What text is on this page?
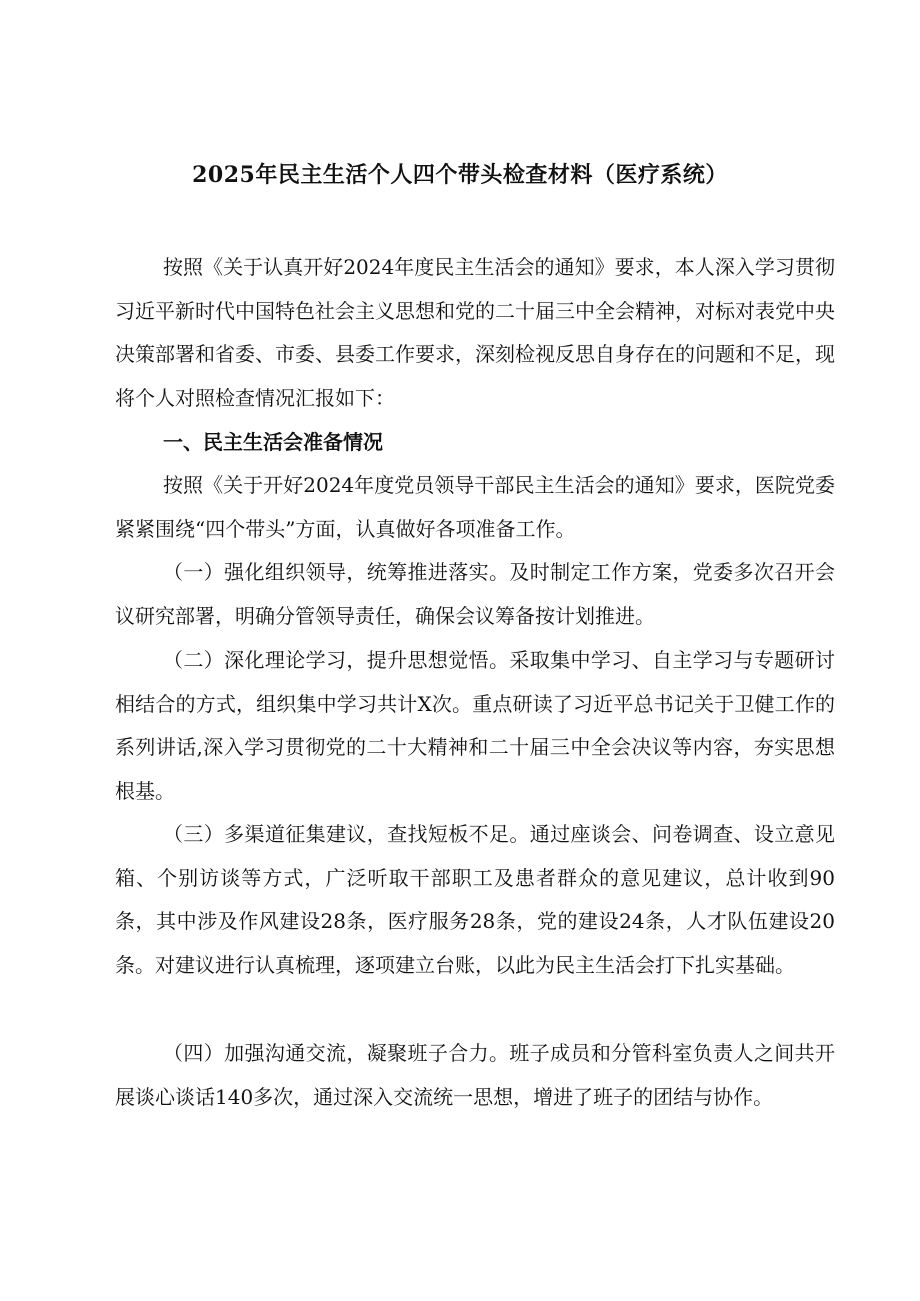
2025年民主生活个人四个带头检查材料（医疗系统）

按照《关于认真开好2024年度民主生活会的通知》要求，本人深入学习贯彻习近平新时代中国特色社会主义思想和党的二十届三中全会精神，对标对表党中央决策部署和省委、市委、县委工作要求，深刻检视反思自身存在的问题和不足，现将个人对照检查情况汇报如下：

一、民主生活会准备情况

按照《关于开好2024年度党员领导干部民主生活会的通知》要求，医院党委紧紧围绕“四个带头”方面，认真做好各项准备工作。

（一）强化组织领导，统筹推进落实。及时制定工作方案，党委多次召开会议研究部署，明确分管领导责任，确保会议筹备按计划推进。

（二）深化理论学习，提升思想觉悟。采取集中学习、自主学习与专题研讨相结合的方式，组织集中学习共计X次。重点研读了习近平总书记关于卫健工作的系列讲话,深入学习贯彻党的二十大精神和二十届三中全会决议等内容，夯实思想根基。

（三）多渠道征集建议，查找短板不足。通过座谈会、问卷调查、设立意见箱、个别访谈等方式，广泛听取干部职工及患者群众的意见建议，总计收到90条，其中涉及作风建设28条，医疗服务28条，党的建设24条，人才队伍建设20条。对建议进行认真梳理，逐项建立台账，以此为民主生活会打下扎实基础。

（四）加强沟通交流，凝聚班子合力。班子成员和分管科室负责人之间共开展谈心谈话140多次，通过深入交流统一思想，增进了班子的团结与协作。
